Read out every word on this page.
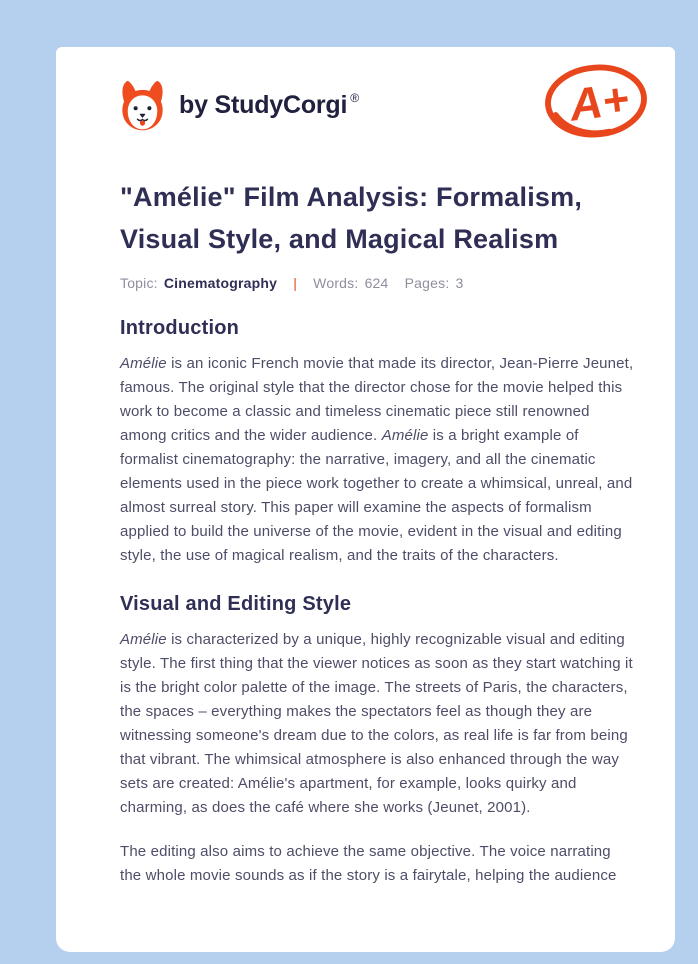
by StudyCorgi ®	A+
"Amélie" Film Analysis: Formalism, Visual Style, and Magical Realism
Topic: Cinematography | Words: 624 Pages: 3
Introduction

Amélie is an iconic French movie that made its director, Jean-Pierre Jeunet, famous. The original style that the director chose for the movie helped this work to become a classic and timeless cinematic piece still renowned among critics and the wider audience. Amélie is a bright example of formalist cinematography: the narrative, imagery, and all the cinematic elements used in the piece work together to create a whimsical, unreal, and almost surreal story. This paper will examine the aspects of formalism applied to build the universe of the movie, evident in the visual and editing style, the use of magical realism, and the traits of the characters.

Visual and Editing Style

Amélie is characterized by a unique, highly recognizable visual and editing style. The first thing that the viewer notices as soon as they start watching it is the bright color palette of the image. The streets of Paris, the characters, the spaces – everything makes the spectators feel as though they are witnessing someone's dream due to the colors, as real life is far from being that vibrant. The whimsical atmosphere is also enhanced through the way sets are created: Amélie's apartment, for example, looks quirky and charming, as does the café where she works (Jeunet, 2001).

The editing also aims to achieve the same objective. The voice narrating the whole movie sounds as if the story is a fairytale, helping the audience
